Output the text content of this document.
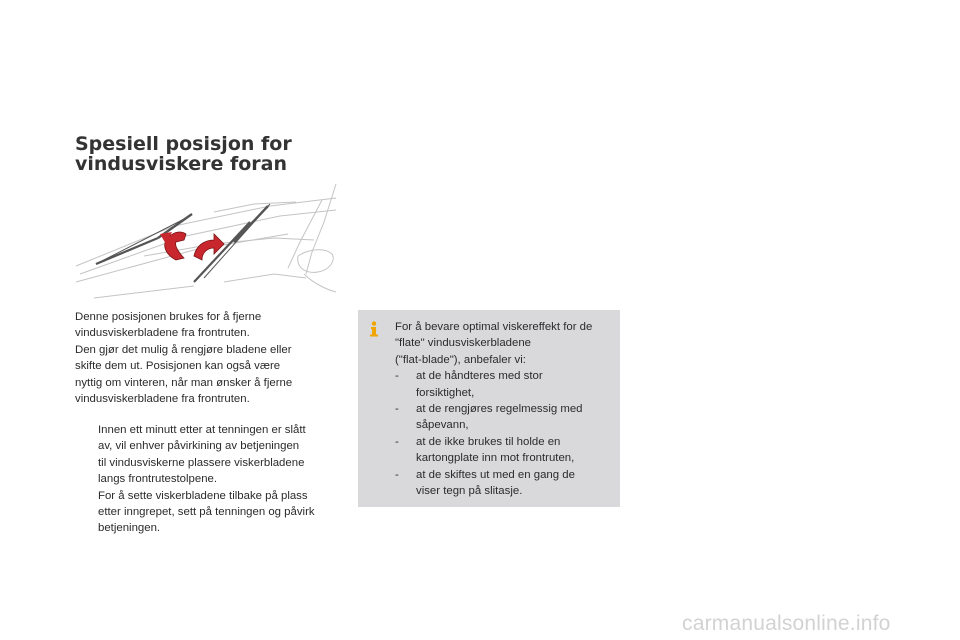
Spesiell posisjon for
vindusviskere foran
Denne posisjonen brukes for å fjerne
vindusviskerbladene fra frontruten.
Den gjør det mulig å rengjøre bladene eller
skifte dem ut. Posisjonen kan også være
nyttig om vinteren, når man ønsker å fjerne
vindusviskerbladene fra frontruten.
Innen ett minutt etter at tenningen er slått
av, vil enhver påvirkining av betjeningen
til vindusviskerne plassere viskerbladene
langs frontrutestolpene.
For å sette viskerbladene tilbake på plass
etter inngrepet, sett på tenningen og påvirk
betjeningen.
For å bevare optimal viskereffekt for de
"flate" vindusviskerbladene
("flat-blade"), anbefaler vi:
- at de håndteres med stor
forsiktighet,
- at de rengjøres regelmessig med
såpevann,
- at de ikke brukes til holde en
kartongplate inn mot frontruten,
- at de skiftes ut med en gang de
viser tegn på slitasje.
carmanualsonline.info
